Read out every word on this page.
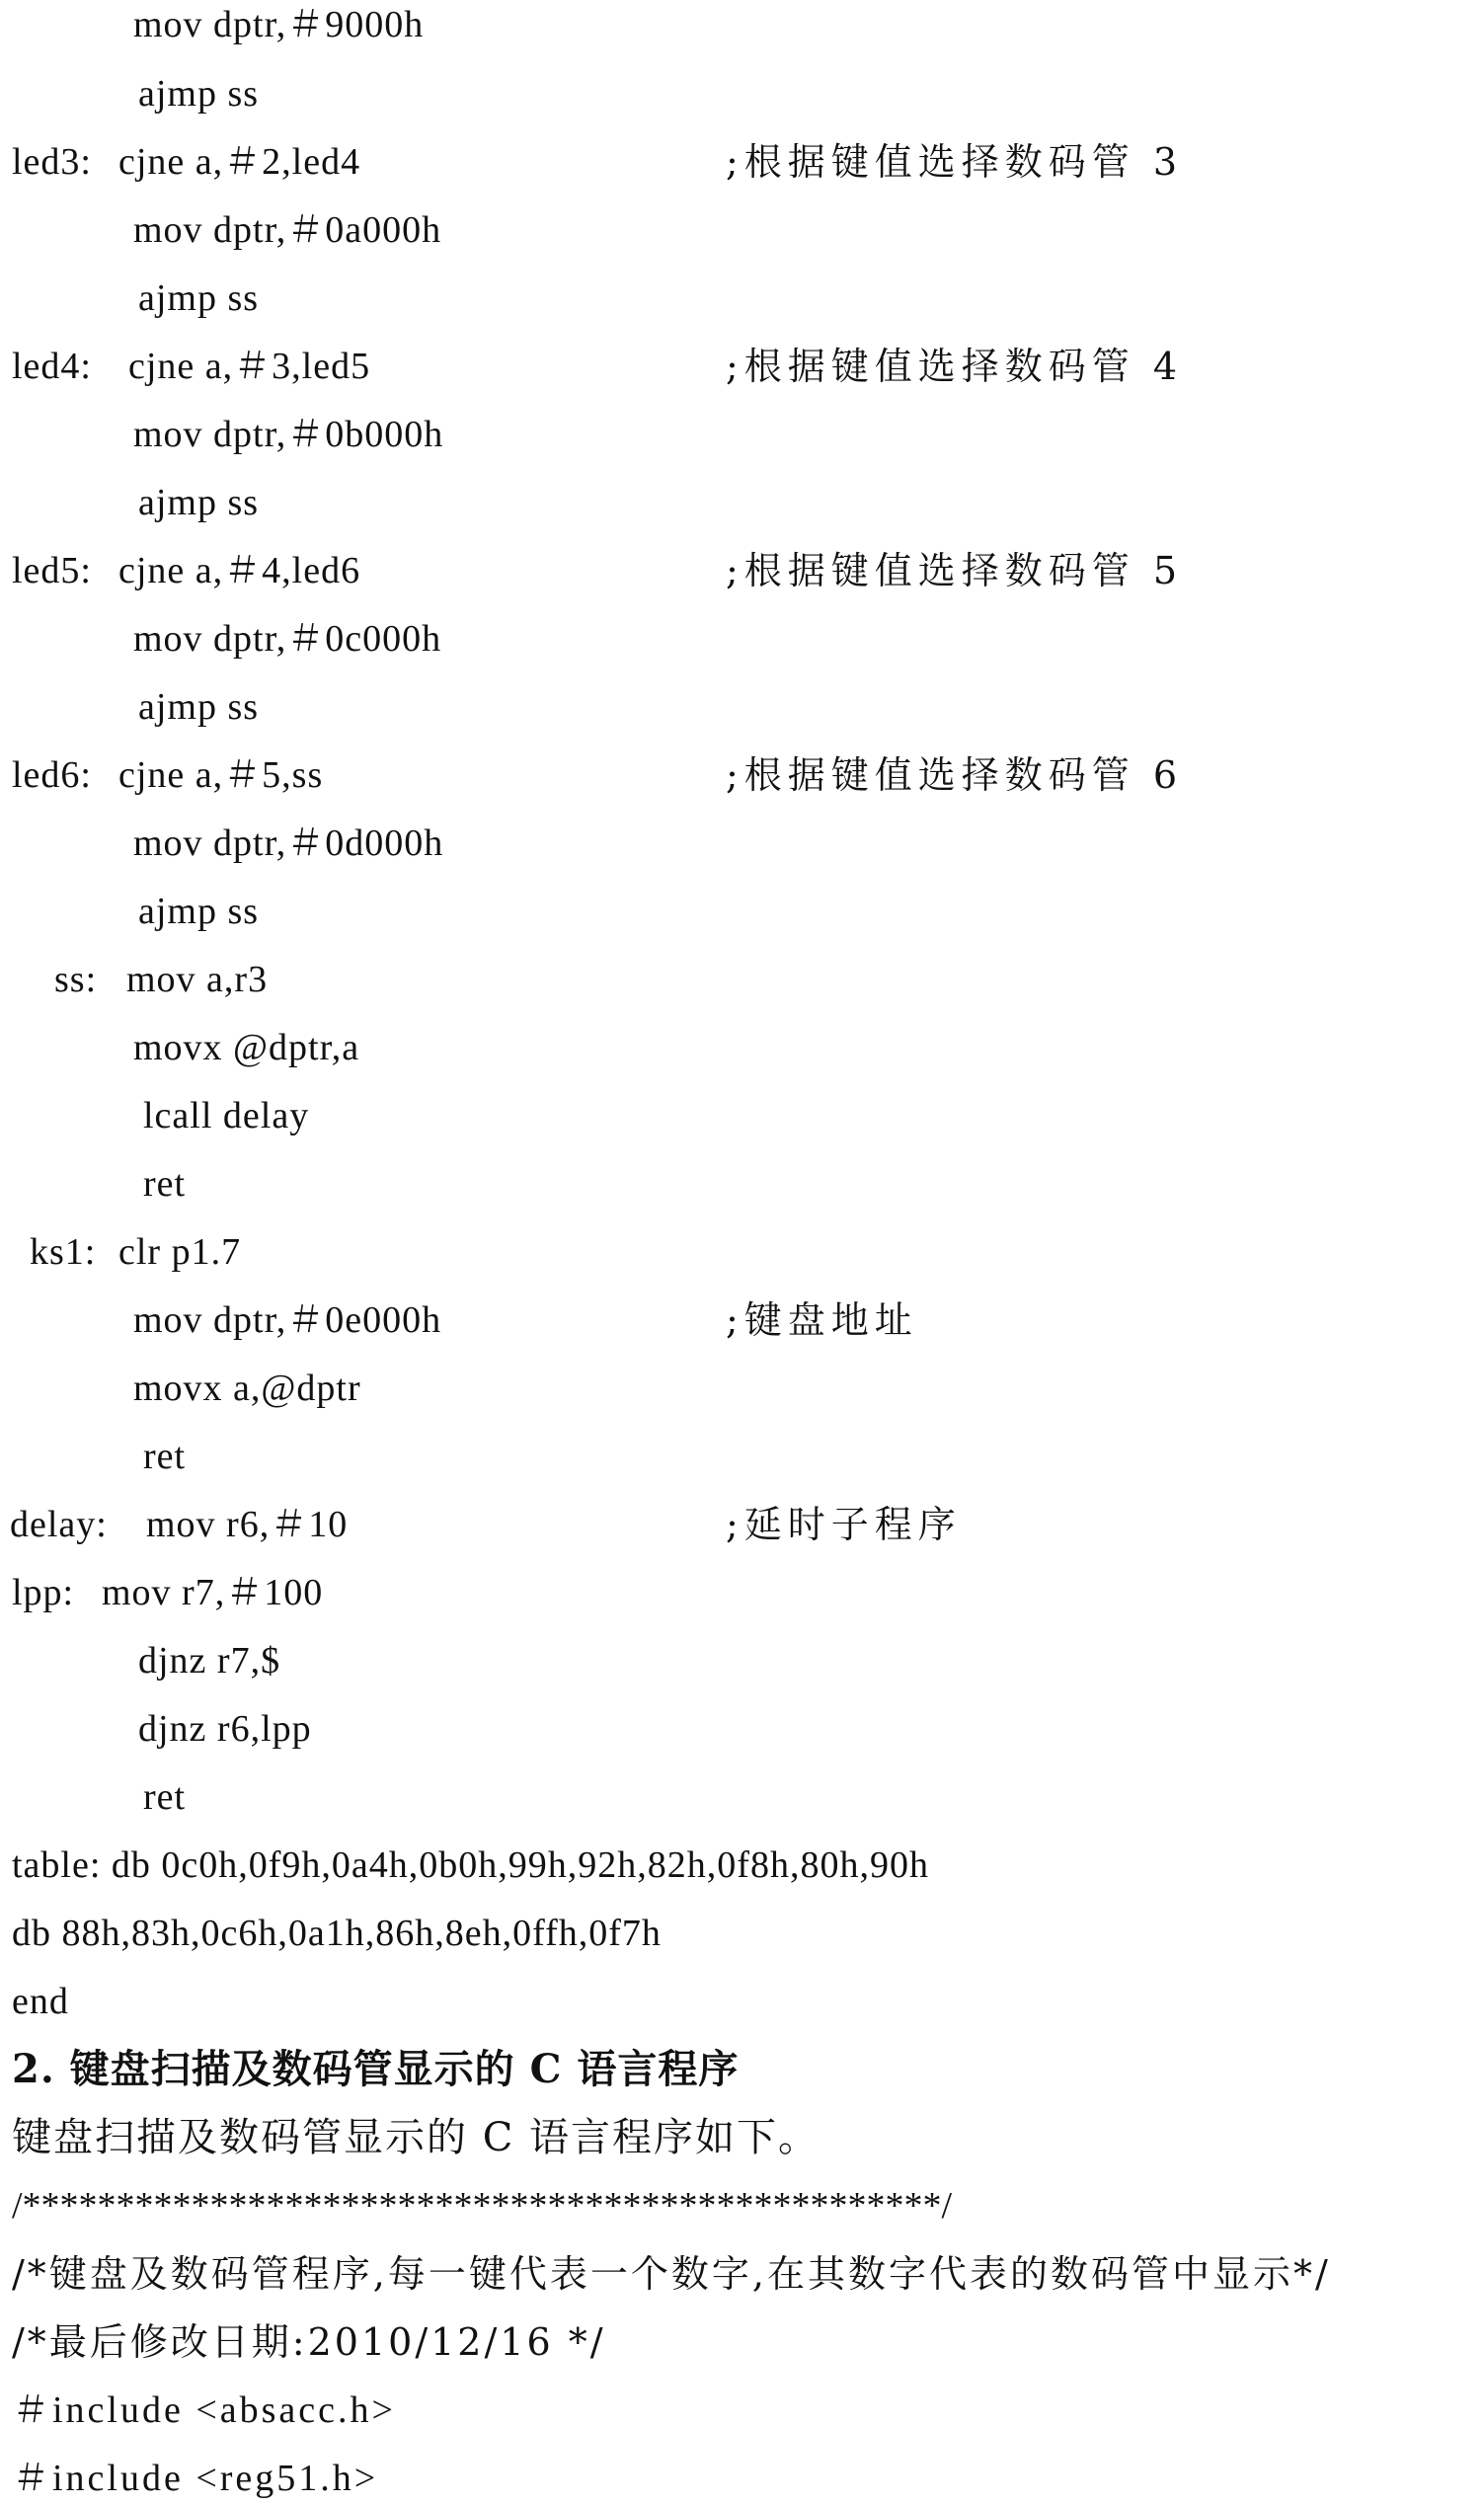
mov dptr,＃9000h
ajmp ss
led3: cjne a,＃2,led4	;根据键值选择数码管 3
mov dptr,＃0a000h
ajmp ss
led4: cjne a,＃3,led5	;根据键值选择数码管 4
mov dptr,＃0b000h
ajmp ss
led5: cjne a,＃4,led6	;根据键值选择数码管 5
mov dptr,＃0c000h
ajmp ss
led6: cjne a,＃5,ss	;根据键值选择数码管 6
mov dptr,＃0d000h
ajmp ss
ss: mov a,r3
movx @dptr,a
lcall delay
ret
ks1: clr p1.7
mov dptr,＃0e000h	;键盘地址
movx a,@dptr
ret
delay: mov r6,＃10	;延时子程序
lpp: mov r7,＃100
djnz r7,$
djnz r6,lpp
ret
table: db 0c0h,0f9h,0a4h,0b0h,99h,92h,82h,0f8h,80h,90h
db 88h,83h,0c6h,0a1h,86h,8eh,0ffh,0f7h
end
2. 键盘扫描及数码管显示的 C 语言程序
键盘扫描及数码管显示的 C 语言程序如下。
/*************************************************/
/*键盘及数码管程序,每一键代表一个数字,在其数字代表的数码管中显示*/
/*最后修改日期:2010/12/16 */
＃include <absacc.h>
＃include <reg51.h>
